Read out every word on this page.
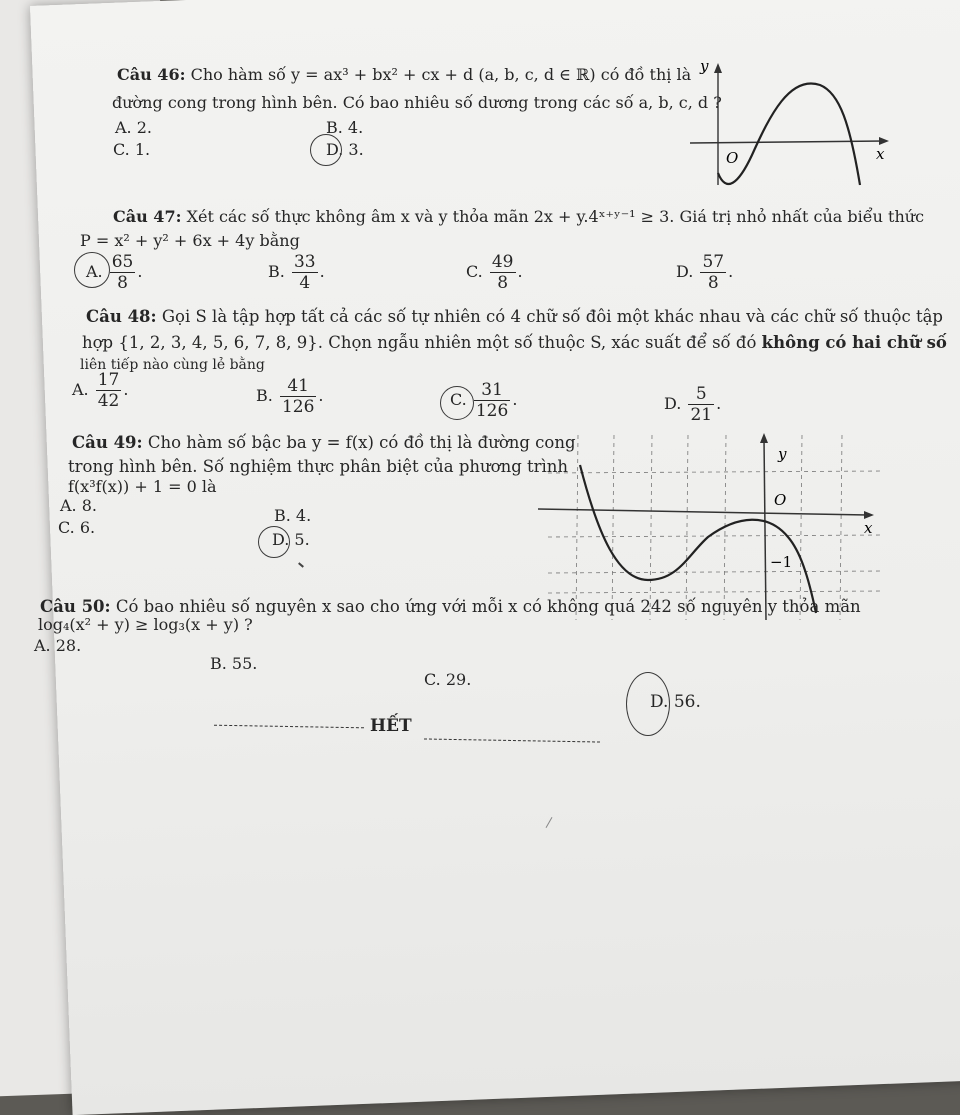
Câu 46: Cho hàm số y = ax³ + bx² + cx + d (a, b, c, d ∈ ℝ) có đồ thị là
đường cong trong hình bên. Có bao nhiêu số dương trong các số a, b, c, d ?
A. 2.	B. 4.
C. 1.	D. 3.
y
x
O
Câu 47: Xét các số thực không âm x và y thỏa mãn 2x + y.4ˣ⁺ʸ⁻¹ ≥ 3. Giá trị nhỏ nhất của biểu thức
P = x² + y² + 6x + 4y bằng
A. $\frac{65}{8}$ .	B. $\frac{33}{4}$ .	C. $\frac{49}{8}$ .	D. $\frac{57}{8}$ .
Câu 48: Gọi S là tập hợp tất cả các số tự nhiên có 4 chữ số đôi một khác nhau và các chữ số thuộc tập
hợp {1, 2, 3, 4, 5, 6, 7, 8, 9}. Chọn ngẫu nhiên một số thuộc S, xác suất để số đó không có hai chữ số
liên tiếp nào cùng lẻ bằng
A. $\frac{17}{42}$ .	B. $\frac{41}{126}$ .	C. $\frac{31}{126}$ .	D. $\frac{5}{21}$ .
Câu 49: Cho hàm số bậc ba y = f(x) có đồ thị là đường cong
trong hình bên. Số nghiệm thực phân biệt của phương trình
f(x³f(x)) + 1 = 0 là
A. 8.
B. 4.
C. 6.
D. 5.
y
x
O
−1
Câu 50: Có bao nhiêu số nguyên x sao cho ứng với mỗi x có không quá 242 số nguyên y thỏa mãn
log₄(x² + y) ≥ log₃(x + y) ?
A. 28.
B. 55.
C. 29.
D. 56.
HẾT
